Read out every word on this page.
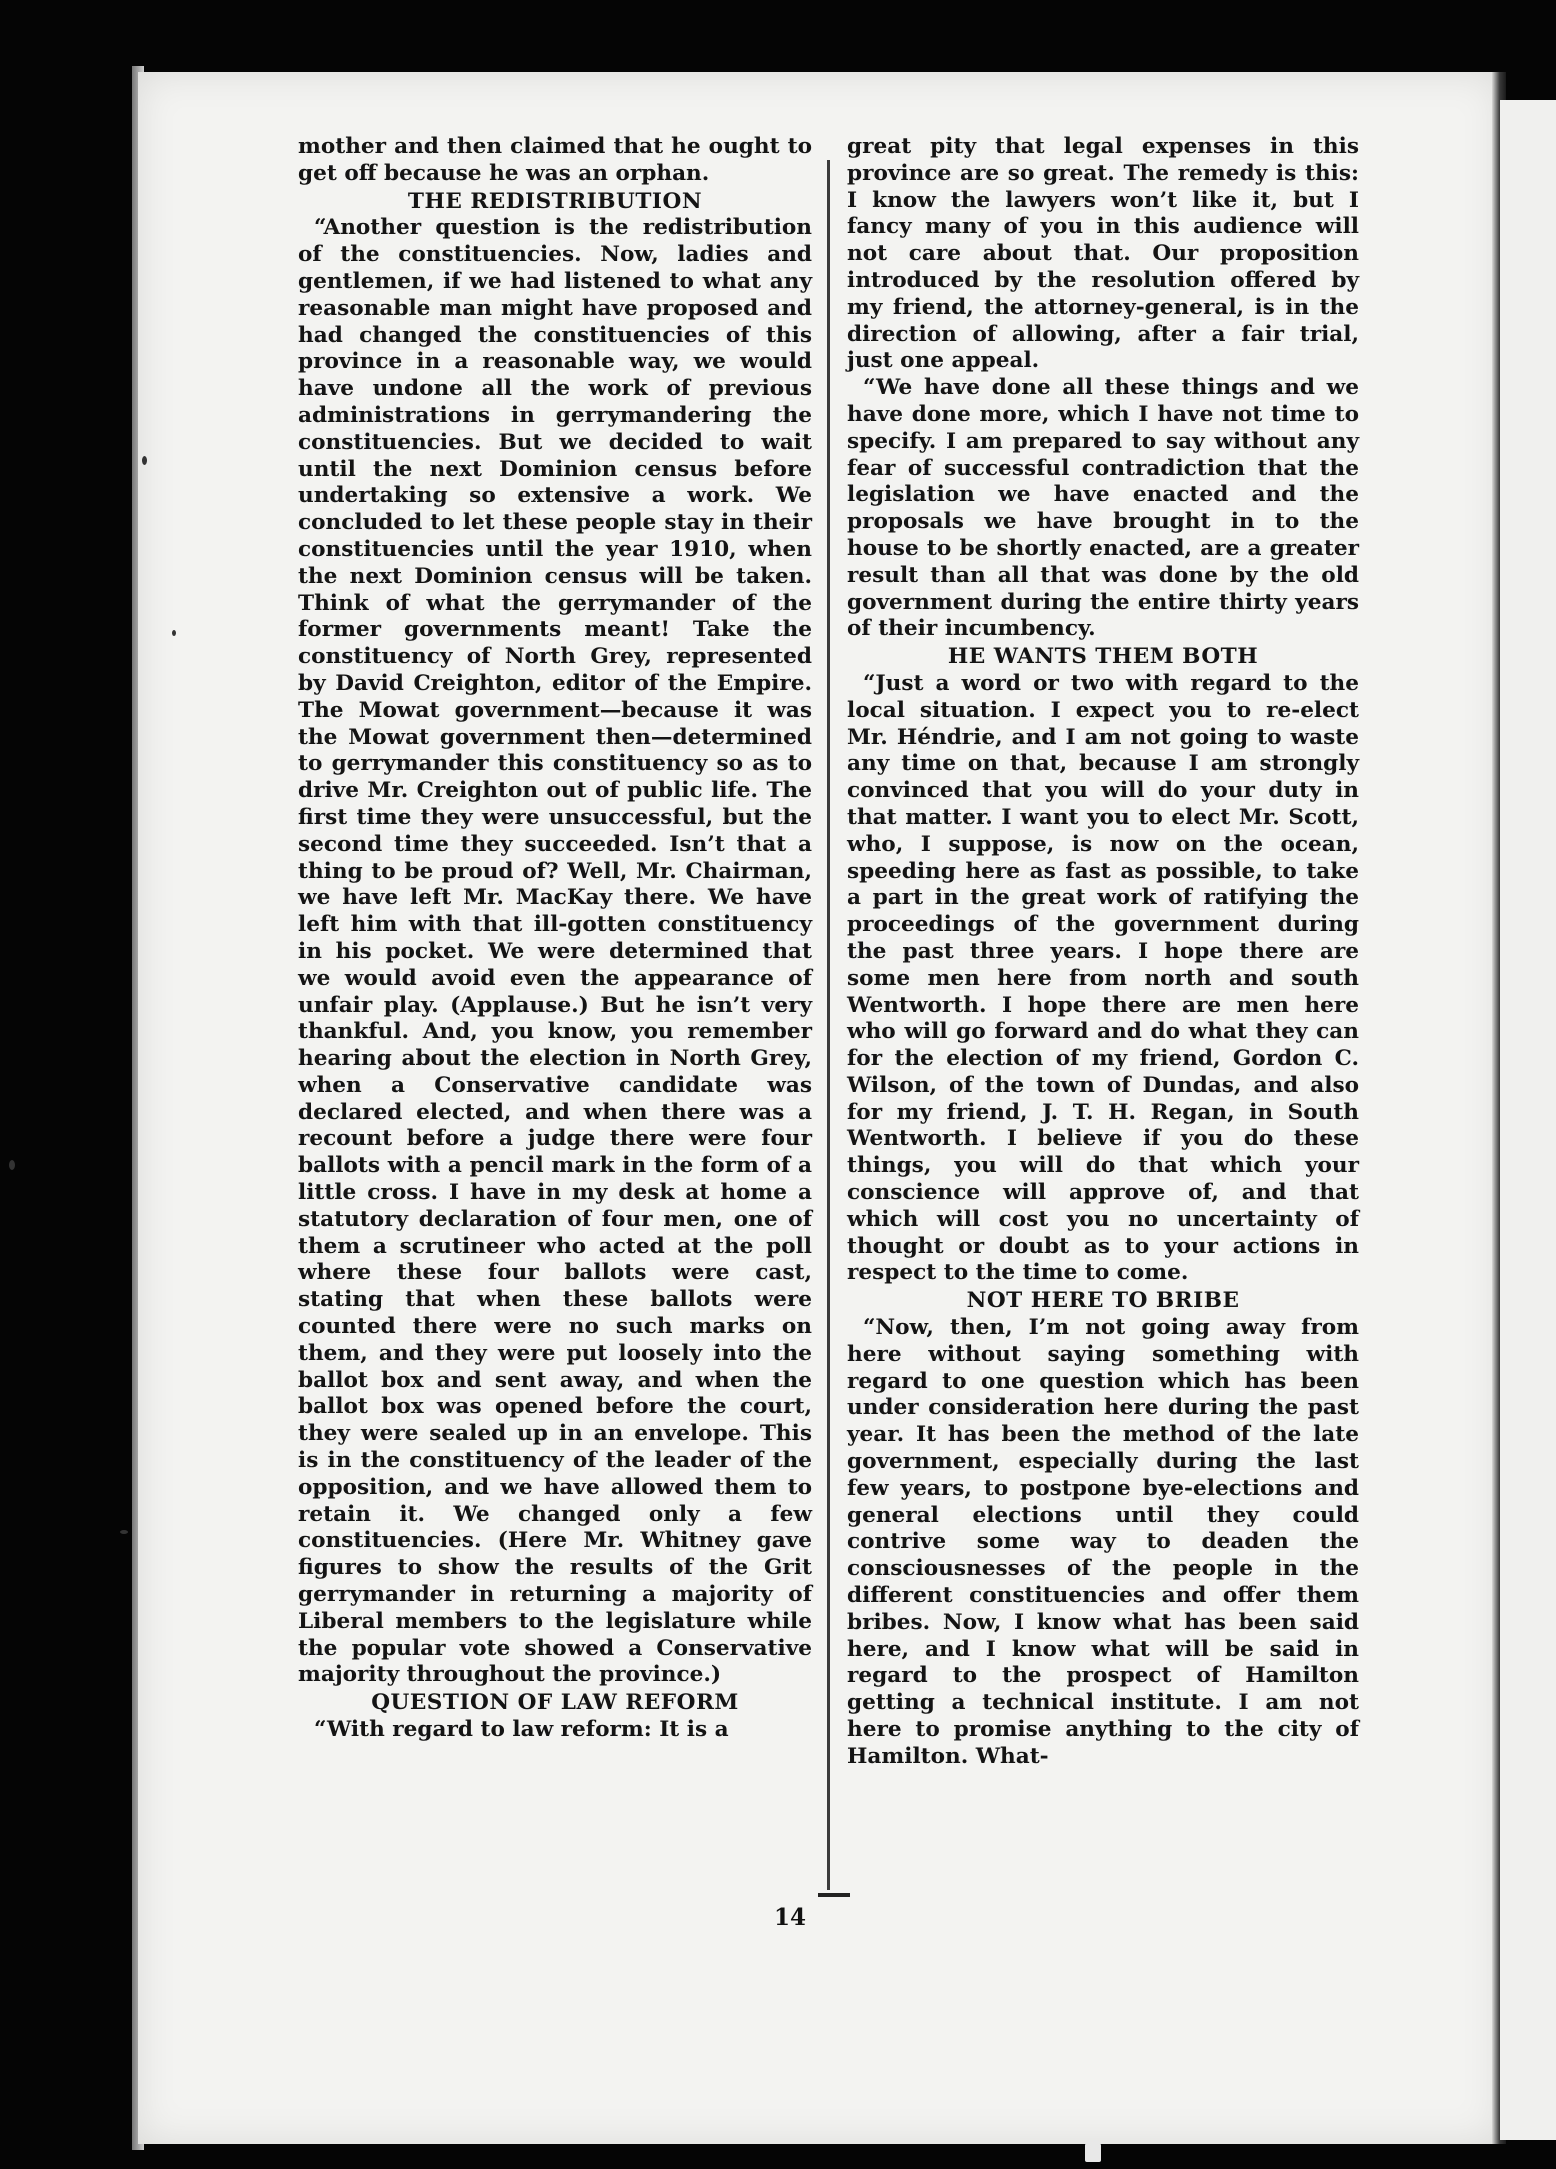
mother and then claimed that he ought to get off because he was an orphan.

THE REDISTRIBUTION

“Another question is the redistribution of the constituencies. Now, ladies and gentlemen, if we had listened to what any reasonable man might have proposed and had changed the constituencies of this province in a reasonable way, we would have undone all the work of previous administrations in gerrymandering the constituencies. But we decided to wait until the next Dominion census before undertaking so extensive a work. We concluded to let these people stay in their constituencies until the year 1910, when the next Dominion census will be taken. Think of what the gerrymander of the former governments meant! Take the constituency of North Grey, represented by David Creighton, editor of the Empire. The Mowat government—because it was the Mowat government then—determined to gerrymander this constituency so as to drive Mr. Creighton out of public life. The first time they were unsuccessful, but the second time they succeeded. Isn’t that a thing to be proud of? Well, Mr. Chairman, we have left Mr. MacKay there. We have left him with that ill-gotten constituency in his pocket. We were determined that we would avoid even the appearance of unfair play. (Applause.) But he isn’t very thankful. And, you know, you remember hearing about the election in North Grey, when a Conservative candidate was declared elected, and when there was a recount before a judge there were four ballots with a pencil mark in the form of a little cross. I have in my desk at home a statutory declaration of four men, one of them a scrutineer who acted at the poll where these four ballots were cast, stating that when these ballots were counted there were no such marks on them, and they were put loosely into the ballot box and sent away, and when the ballot box was opened before the court, they were sealed up in an envelope. This is in the constituency of the leader of the opposition, and we have allowed them to retain it. We changed only a few constituencies. (Here Mr. Whitney gave figures to show the results of the Grit gerrymander in returning a majority of Liberal members to the legislature while the popular vote showed a Conservative majority throughout the province.)

QUESTION OF LAW REFORM

“With regard to law reform: It is a

great pity that legal expenses in this province are so great. The remedy is this: I know the lawyers won’t like it, but I fancy many of you in this audience will not care about that. Our proposition introduced by the resolution offered by my friend, the attorney-general, is in the direction of allowing, after a fair trial, just one appeal.

“We have done all these things and we have done more, which I have not time to specify. I am prepared to say without any fear of successful contradiction that the legislation we have enacted and the proposals we have brought in to the house to be shortly enacted, are a greater result than all that was done by the old government during the entire thirty years of their incumbency.

HE WANTS THEM BOTH

“Just a word or two with regard to the local situation. I expect you to re-elect Mr. Héndrie, and I am not going to waste any time on that, because I am strongly convinced that you will do your duty in that matter. I want you to elect Mr. Scott, who, I suppose, is now on the ocean, speeding here as fast as possible, to take a part in the great work of ratifying the proceedings of the government during the past three years. I hope there are some men here from north and south Wentworth. I hope there are men here who will go forward and do what they can for the election of my friend, Gordon C. Wilson, of the town of Dundas, and also for my friend, J. T. H. Regan, in South Wentworth. I believe if you do these things, you will do that which your conscience will approve of, and that which will cost you no uncertainty of thought or doubt as to your actions in respect to the time to come.

NOT HERE TO BRIBE

“Now, then, I’m not going away from here without saying something with regard to one question which has been under consideration here during the past year. It has been the method of the late government, especially during the last few years, to postpone bye-elections and general elections until they could contrive some way to deaden the consciousnesses of the people in the different constituencies and offer them bribes. Now, I know what has been said here, and I know what will be said in regard to the prospect of Hamilton getting a technical institute. I am not here to promise anything to the city of Hamilton. What-

14
